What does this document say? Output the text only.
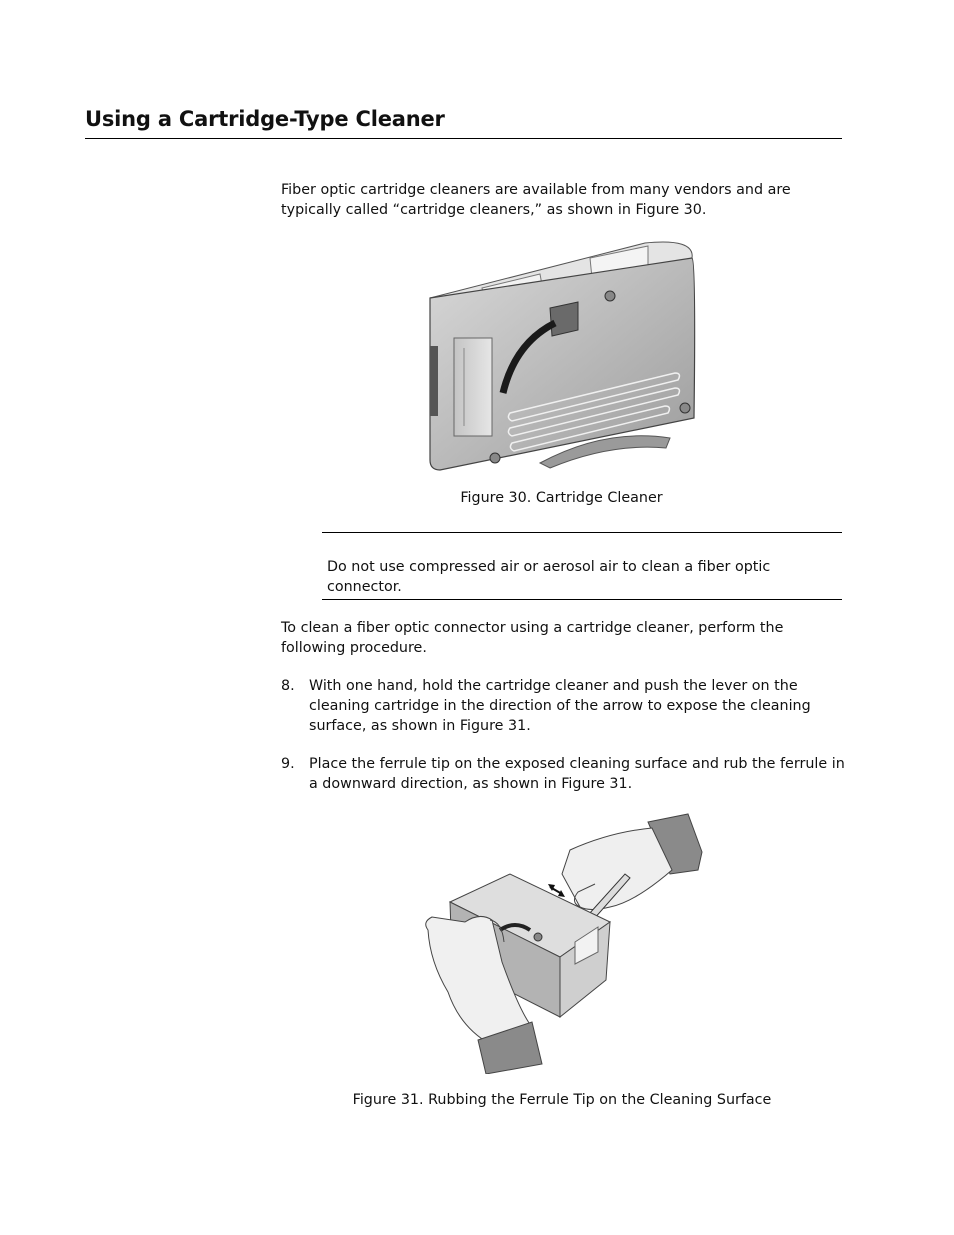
Using a Cartridge-Type Cleaner
Fiber optic cartridge cleaners are available from many vendors and are typically called “cartridge cleaners,” as shown in Figure 30.
Figure 30. Cartridge Cleaner
Do not use compressed air or aerosol air to clean a fiber optic connector.
To clean a fiber optic connector using a cartridge cleaner, perform the following procedure.
8. With one hand, hold the cartridge cleaner and push the lever on the cleaning cartridge in the direction of the arrow to expose the cleaning surface, as shown in Figure 31.
9. Place the ferrule tip on the exposed cleaning surface and rub the ferrule in a downward direction, as shown in Figure 31.
Figure 31. Rubbing the Ferrule Tip on the Cleaning Surface
